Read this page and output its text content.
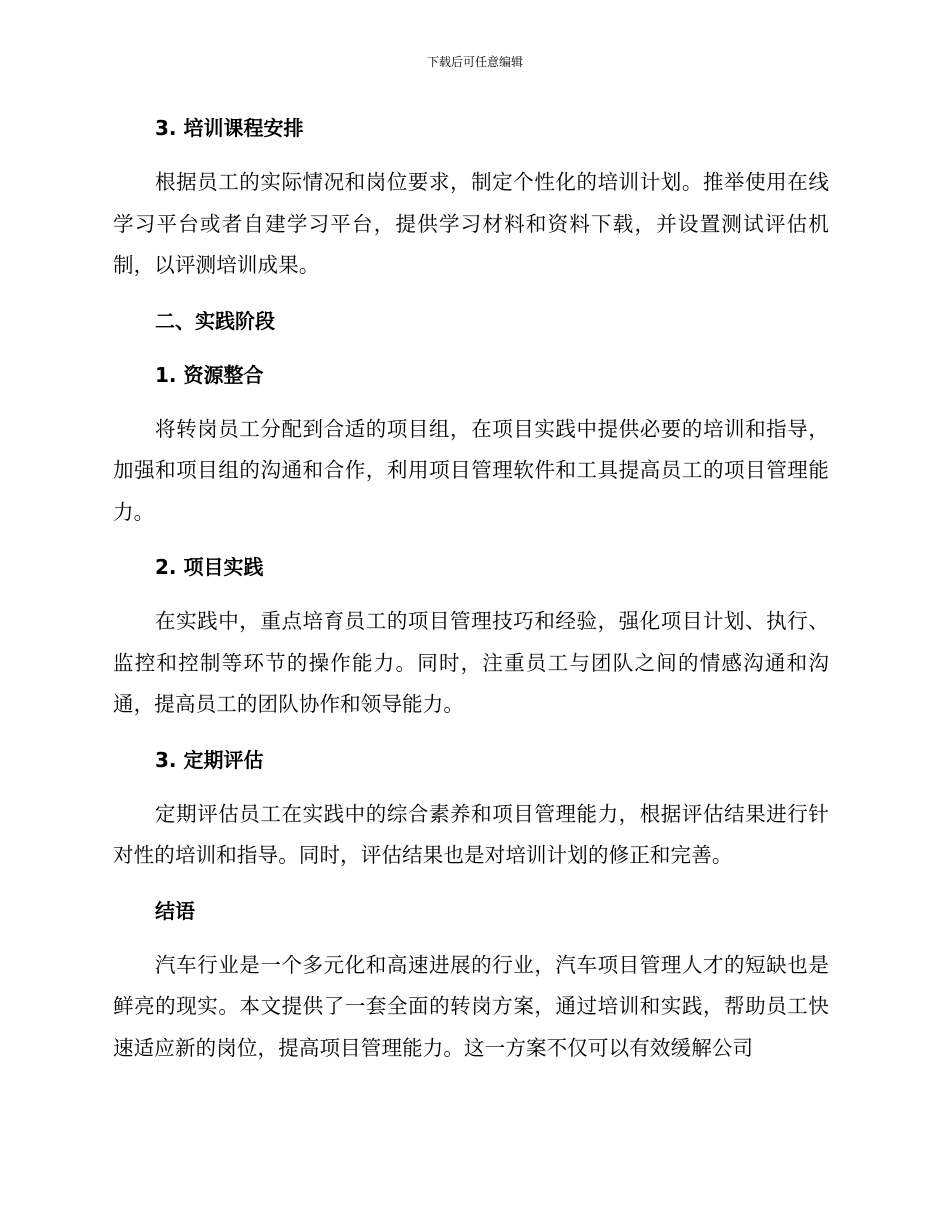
下载后可任意编辑
3. 培训课程安排
根据员工的实际情况和岗位要求，制定个性化的培训计划。推举使用在线学习平台或者自建学习平台，提供学习材料和资料下载，并设置测试评估机制，以评测培训成果。
二、实践阶段
1. 资源整合
将转岗员工分配到合适的项目组，在项目实践中提供必要的培训和指导，加强和项目组的沟通和合作，利用项目管理软件和工具提高员工的项目管理能力。
2. 项目实践
在实践中，重点培育员工的项目管理技巧和经验，强化项目计划、执行、监控和控制等环节的操作能力。同时，注重员工与团队之间的情感沟通和沟通，提高员工的团队协作和领导能力。
3. 定期评估
定期评估员工在实践中的综合素养和项目管理能力，根据评估结果进行针对性的培训和指导。同时，评估结果也是对培训计划的修正和完善。
结语
汽车行业是一个多元化和高速进展的行业，汽车项目管理人才的短缺也是鲜亮的现实。本文提供了一套全面的转岗方案，通过培训和实践，帮助员工快速适应新的岗位，提高项目管理能力。这一方案不仅可以有效缓解公司
